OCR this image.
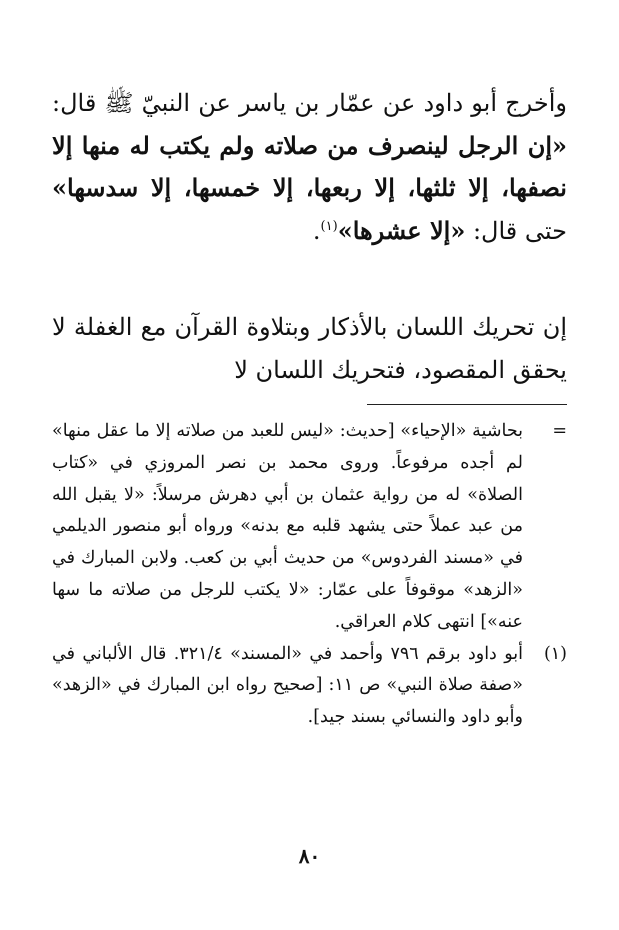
وأخرج أبو داود عن عمّار بن ياسر عن النبيّ ﷺ قال: «إن الرجل لينصرف من صلاته ولم يكتب له منها إلا نصفها، إلا ثلثها، إلا ربعها، إلا خمسها، إلا سدسها» حتى قال: «إلا عشرها»$^{(١)}$.

إن تحريك اللسان بالأذكار وبتلاوة القرآن مع الغفلة لا يحقق المقصود، فتحريك اللسان لا

=
بحاشية «الإحياء» [حديث: «ليس للعبد من صلاته إلا ما عقل منها» لم أجده مرفوعاً. وروى محمد بن نصر المروزي في «كتاب الصلاة» له من رواية عثمان بن أبي دهرش مرسلاً: «لا يقبل الله من عبد عملاً حتى يشهد قلبه مع بدنه» ورواه أبو منصور الديلمي في «مسند الفردوس» من حديث أبي بن كعب. ولابن المبارك في «الزهد» موقوفاً على عمّار: «لا يكتب للرجل من صلاته ما سها عنه»] انتهى كلام العراقي.
(١)
أبو داود برقم ٧٩٦ وأحمد في «المسند» ٣٢١/٤. قال الألباني في «صفة صلاة النبي» ص ١١: [صحيح رواه ابن المبارك في «الزهد» وأبو داود والنسائي بسند جيد].
٨٠
